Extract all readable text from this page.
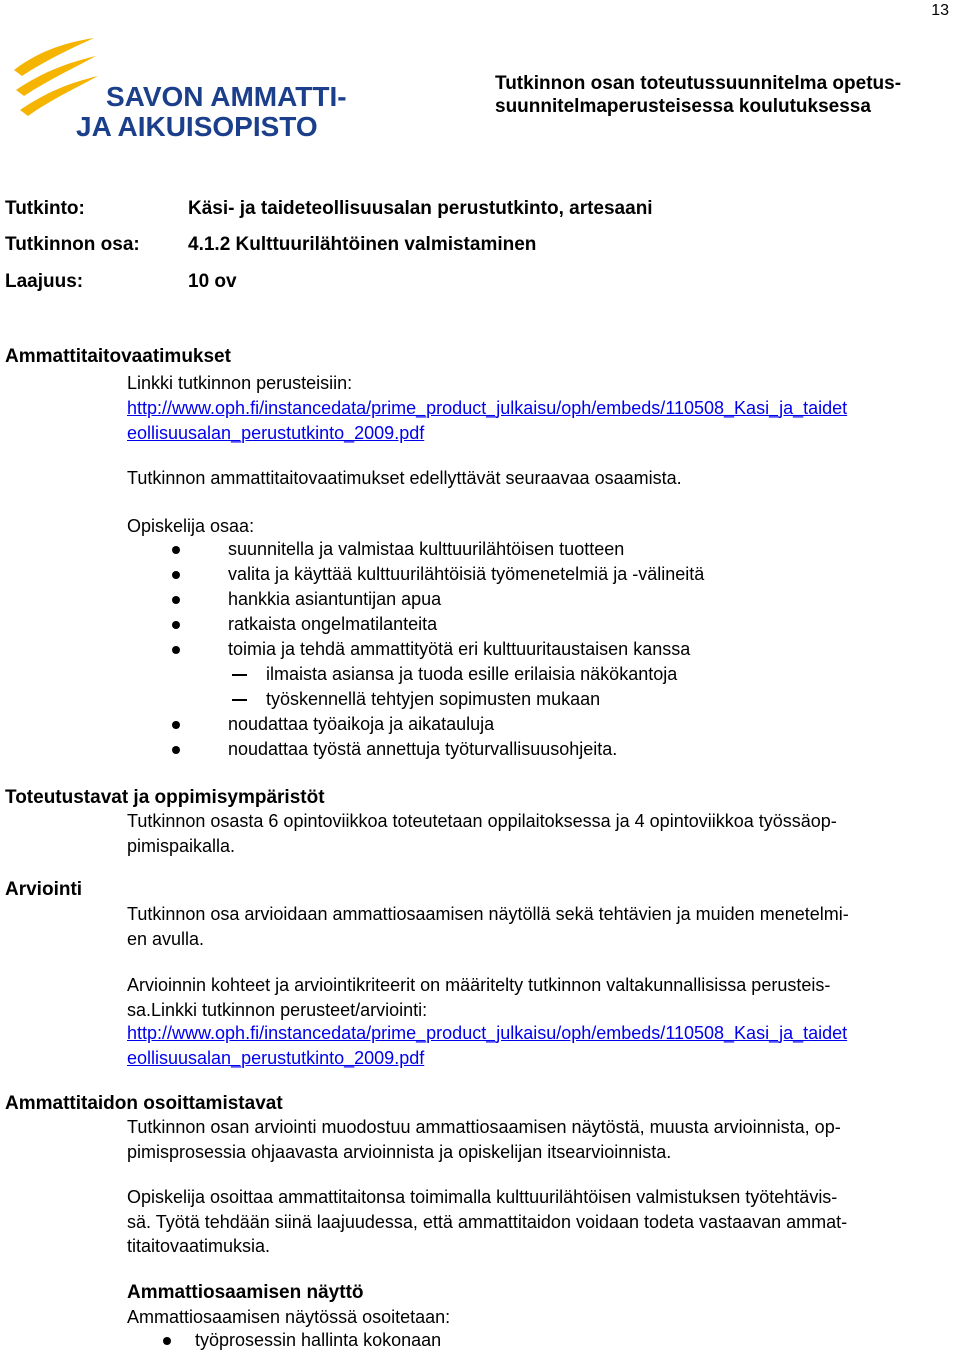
13
SAVON AMMATTI-
JA AIKUISOPISTO
Tutkinnon osan toteutussuunnitelma opetus-
suunnitelmaperusteisessa koulutuksessa
Tutkinto:	Käsi- ja taideteollisuusalan perustutkinto, artesaani
Tutkinnon osa:	4.1.2 Kulttuurilähtöinen valmistaminen
Laajuus:	10 ov
Ammattitaitovaatimukset
Linkki tutkinnon perusteisiin:
http://www.oph.fi/instancedata/prime_product_julkaisu/oph/embeds/110508_Kasi_ja_taidet
eollisuusalan_perustutkinto_2009.pdf
Tutkinnon ammattitaitovaatimukset edellyttävät seuraavaa osaamista.
Opiskelija osaa:
suunnitella ja valmistaa kulttuurilähtöisen tuotteen
valita ja käyttää kulttuurilähtöisiä työmenetelmiä ja -välineitä
hankkia asiantuntijan apua
ratkaista ongelmatilanteita
toimia ja tehdä ammattityötä eri kulttuuritaustaisen kanssa
ilmaista asiansa ja tuoda esille erilaisia näkökantoja
työskennellä tehtyjen sopimusten mukaan
noudattaa työaikoja ja aikatauluja
noudattaa työstä annettuja työturvallisuusohjeita.
Toteutustavat ja oppimisympäristöt
Tutkinnon osasta 6 opintoviikkoa toteutetaan oppilaitoksessa ja 4 opintoviikkoa työssäop-
pimispaikalla.
Arviointi
Tutkinnon osa arvioidaan ammattiosaamisen näytöllä sekä tehtävien ja muiden menetelmi-
en avulla.
Arvioinnin kohteet ja arviointikriteerit on määritelty tutkinnon valtakunnallisissa perusteis-
sa.Linkki tutkinnon perusteet/arviointi:
http://www.oph.fi/instancedata/prime_product_julkaisu/oph/embeds/110508_Kasi_ja_taidet
eollisuusalan_perustutkinto_2009.pdf
Ammattitaidon osoittamistavat
Tutkinnon osan arviointi muodostuu ammattiosaamisen näytöstä, muusta arvioinnista, op-
pimisprosessia ohjaavasta arvioinnista ja opiskelijan itsearvioinnista.
Opiskelija osoittaa ammattitaitonsa toimimalla kulttuurilähtöisen valmistuksen työtehtävis-
sä. Työtä tehdään siinä laajuudessa, että ammattitaidon voidaan todeta vastaavan ammat-
titaitovaatimuksia.
Ammattiosaamisen näyttö
Ammattiosaamisen näytössä osoitetaan:
työprosessin hallinta kokonaan
